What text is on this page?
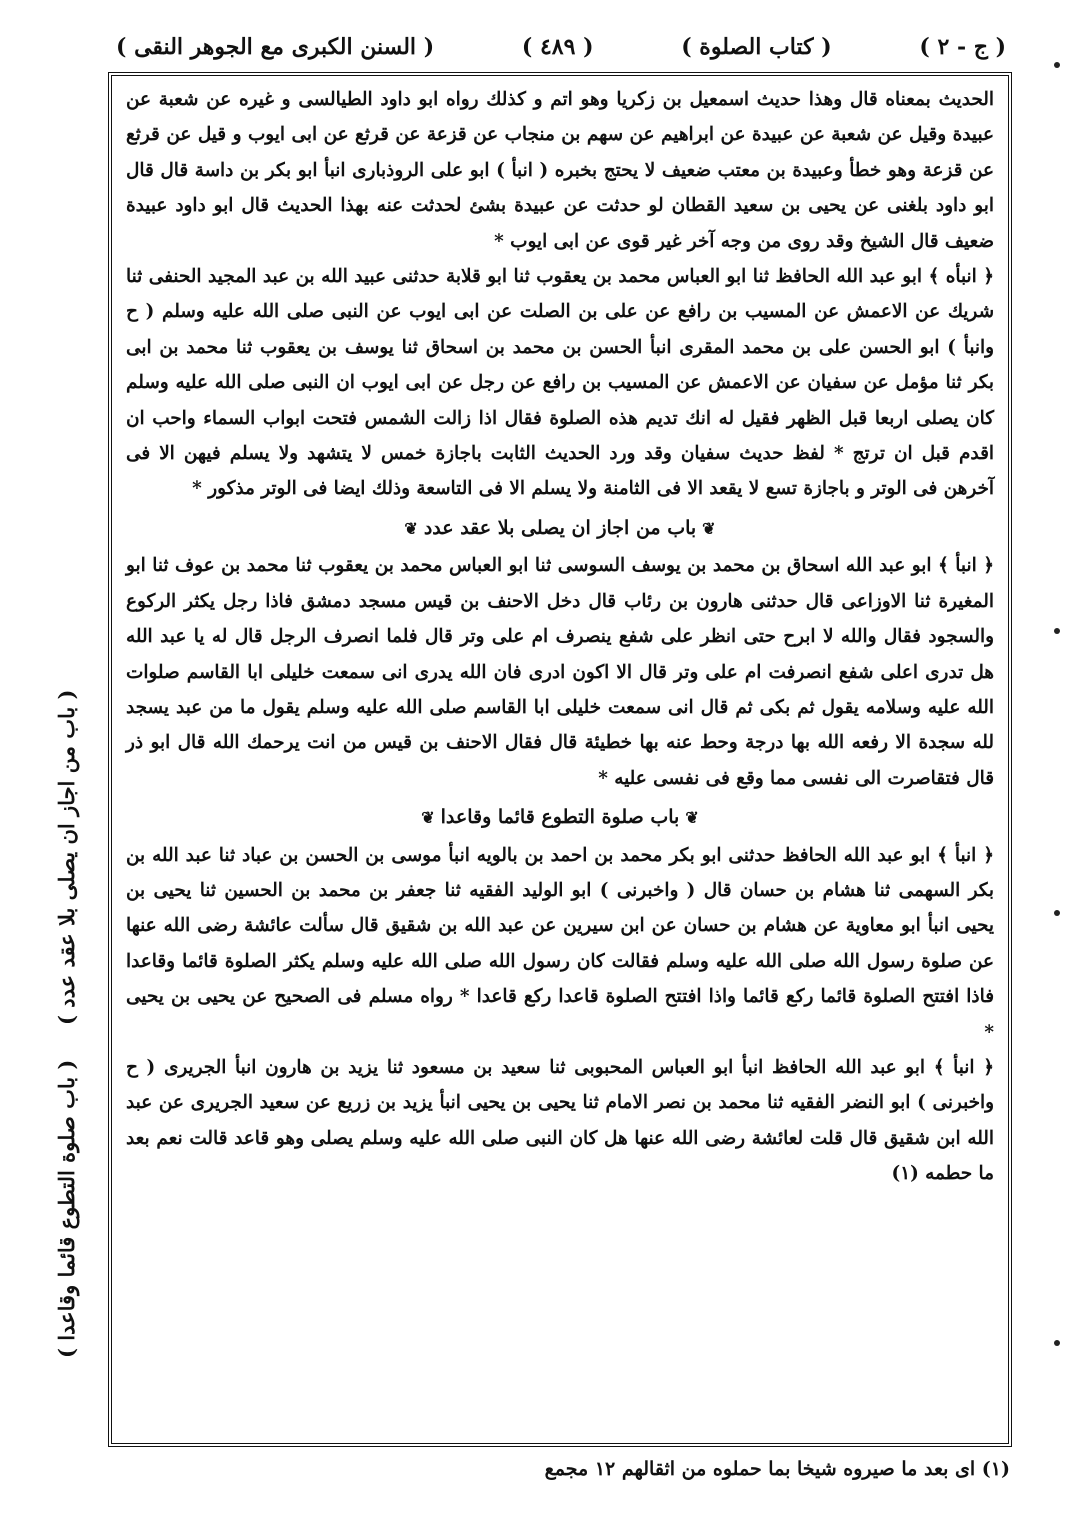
( السنن الكبرى مع الجوهر النقى )	( ٤٨٩ )	( كتاب الصلوة )	( ج - ٢ )

الحديث بمعناه قال وهذا حديث اسمعيل بن زكريا وهو اتم و كذلك رواه ابو داود الطيالسى و غيره عن شعبة عن عبيدة وقيل عن شعبة عن عبيدة عن ابراهيم عن سهم بن منجاب عن قزعة عن قرثع عن ابى ايوب و قيل عن قرثع عن قزعة وهو خطأ وعبيدة بن معتب ضعيف لا يحتج بخبره ( انبأ ) ابو على الروذبارى انبأ ابو بكر بن داسة قال قال ابو داود بلغنى عن يحيى بن سعيد القطان لو حدثت عن عبيدة بشئ لحدثت عنه بهذا الحديث قال ابو داود عبيدة ضعيف قال الشيخ وقد روى من وجه آخر غير قوى عن ابى ايوب *

﴿ انبأه ﴾ ابو عبد الله الحافظ ثنا ابو العباس محمد بن يعقوب ثنا ابو قلابة حدثنى عبيد الله بن عبد المجيد الحنفى ثنا شريك عن الاعمش عن المسيب بن رافع عن على بن الصلت عن ابى ايوب عن النبى صلى الله عليه وسلم ( ح وانبأ ) ابو الحسن على بن محمد المقرى انبأ الحسن بن محمد بن اسحاق ثنا يوسف بن يعقوب ثنا محمد بن ابى بكر ثنا مؤمل عن سفيان عن الاعمش عن المسيب بن رافع عن رجل عن ابى ايوب ان النبى صلى الله عليه وسلم كان يصلى اربعا قبل الظهر فقيل له انك تديم هذه الصلوة فقال اذا زالت الشمس فتحت ابواب السماء واحب ان اقدم قبل ان ترتج * لفظ حديث سفيان وقد ورد الحديث الثابت باجازة خمس لا يتشهد ولا يسلم فيهن الا فى آخرهن فى الوتر و باجازة تسع لا يقعد الا فى الثامنة ولا يسلم الا فى التاسعة وذلك ايضا فى الوتر مذكور *

❦باب من اجاز ان يصلى بلا عقد عدد❦

﴿ انبأ ﴾ ابو عبد الله اسحاق بن محمد بن يوسف السوسى ثنا ابو العباس محمد بن يعقوب ثنا محمد بن عوف ثنا ابو المغيرة ثنا الاوزاعى قال حدثنى هارون بن رئاب قال دخل الاحنف بن قيس مسجد دمشق فاذا رجل يكثر الركوع والسجود فقال والله لا ابرح حتى انظر على شفع ينصرف ام على وتر قال فلما انصرف الرجل قال له يا عبد الله هل تدرى اعلى شفع انصرفت ام على وتر قال الا اكون ادرى فان الله يدرى انى سمعت خليلى ابا القاسم صلوات الله عليه وسلامه يقول ثم بكى ثم قال انى سمعت خليلى ابا القاسم صلى الله عليه وسلم يقول ما من عبد يسجد لله سجدة الا رفعه الله بها درجة وحط عنه بها خطيئة قال فقال الاحنف بن قيس من انت يرحمك الله قال ابو ذر قال فتقاصرت الى نفسى مما وقع فى نفسى عليه *

❦باب صلوة التطوع قائما وقاعدا❦

﴿ انبأ ﴾ ابو عبد الله الحافظ حدثنى ابو بكر محمد بن احمد بن بالويه انبأ موسى بن الحسن بن عباد ثنا عبد الله بن بكر السهمى ثنا هشام بن حسان قال ( واخبرنى ) ابو الوليد الفقيه ثنا جعفر بن محمد بن الحسين ثنا يحيى بن يحيى انبأ ابو معاوية عن هشام بن حسان عن ابن سيرين عن عبد الله بن شقيق قال سألت عائشة رضى الله عنها عن صلوة رسول الله صلى الله عليه وسلم فقالت كان رسول الله صلى الله عليه وسلم يكثر الصلوة قائما وقاعدا فاذا افتتح الصلوة قائما ركع قائما واذا افتتح الصلوة قاعدا ركع قاعدا * رواه مسلم فى الصحيح عن يحيى بن يحيى *

﴿ انبأ ﴾ ابو عبد الله الحافظ انبأ ابو العباس المحبوبى ثنا سعيد بن مسعود ثنا يزيد بن هارون انبأ الجريرى ( ح واخبرنى ) ابو النضر الفقيه ثنا محمد بن نصر الامام ثنا يحيى بن يحيى انبأ يزيد بن زريع عن سعيد الجريرى عن عبد الله ابن شقيق قال قلت لعائشة رضى الله عنها هل كان النبى صلى الله عليه وسلم يصلى وهو قاعد قالت نعم بعد ما حطمه (١)

( باب من اجاز ان يصلى بلا عقد عدد )
( باب صلوة التطوع قائما وقاعدا )
(١) اى بعد ما صيروه شيخا بما حملوه من اثقالهم ١٢ مجمع
